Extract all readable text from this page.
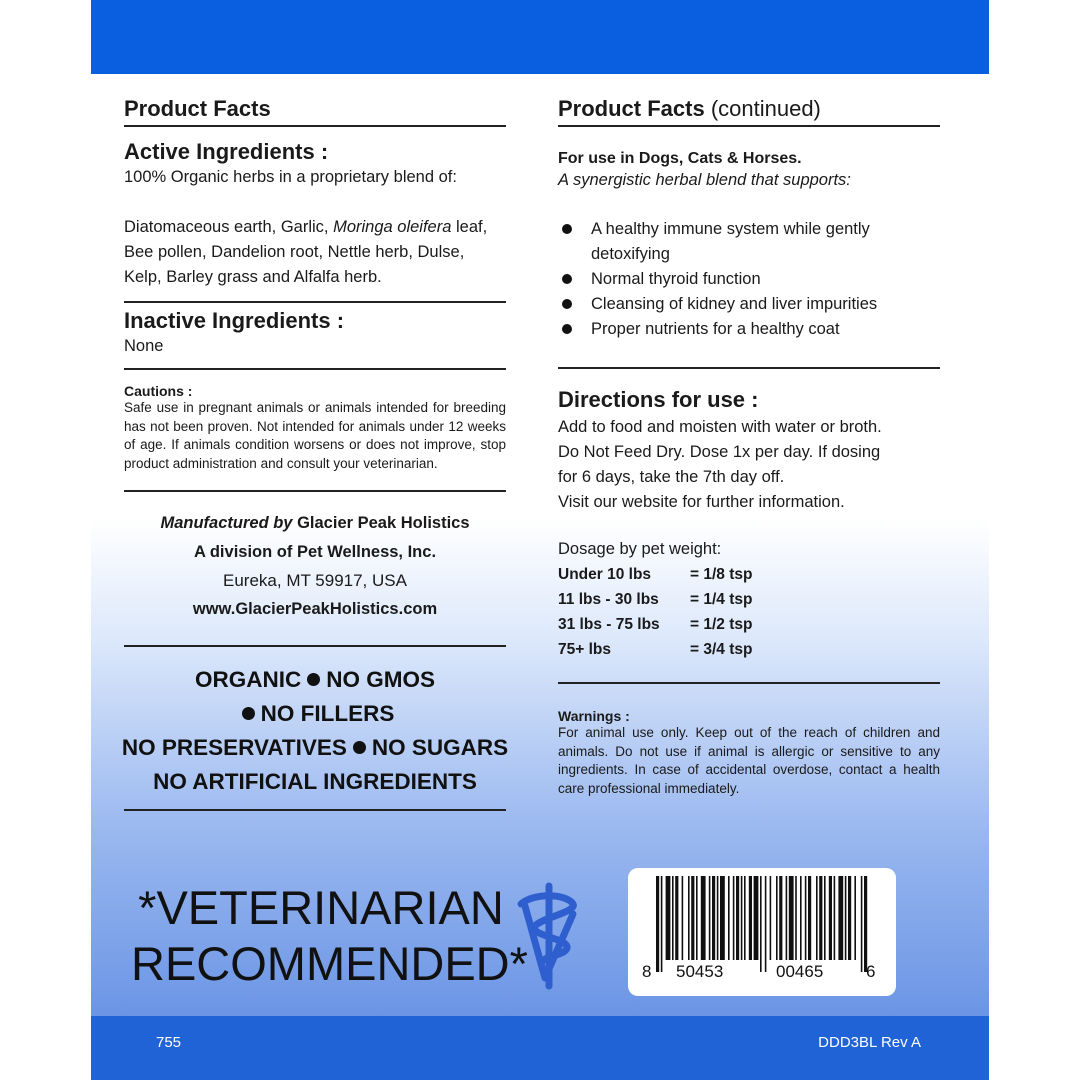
Product Facts
Active Ingredients :
100% Organic herbs in a proprietary blend of:
Diatomaceous earth, Garlic, Moringa oleifera leaf, Bee pollen, Dandelion root, Nettle herb, Dulse, Kelp, Barley grass and Alfalfa herb.
Inactive Ingredients :
None
Cautions :
Safe use in pregnant animals or animals intended for breeding has not been proven. Not intended for animals under 12 weeks of age. If animals condition worsens or does not improve, stop product administration and consult your veterinarian.
Manufactured by Glacier Peak Holistics
A division of Pet Wellness, Inc.
Eureka, MT 59917, USA
www.GlacierPeakHolistics.com
ORGANIC NO GMOS
NO FILLERS
NO PRESERVATIVES NO SUGARS
NO ARTIFICIAL INGREDIENTS
*VETERINARIAN
RECOMMENDED*
Product Facts (continued)
For use in Dogs, Cats & Horses.
A synergistic herbal blend that supports:
A healthy immune system while gently detoxifying
Normal thyroid function
Cleansing of kidney and liver impurities
Proper nutrients for a healthy coat
Directions for use :
Add to food and moisten with water or broth.
Do Not Feed Dry. Dose 1x per day. If dosing
for 6 days, take the 7th day off.
Visit our website for further information.
Dosage by pet weight:
Under 10 lbs	= 1/8 tsp
11 lbs - 30 lbs	= 1/4 tsp
31 lbs - 75 lbs	= 1/2 tsp
75+ lbs	= 3/4 tsp
Warnings :
For animal use only. Keep out of the reach of children and animals. Do not use if animal is allergic or sensitive to any ingredients. In case of accidental overdose, contact a health care professional immediately.
8 50453	00465	6
755	DDD3BL Rev A
